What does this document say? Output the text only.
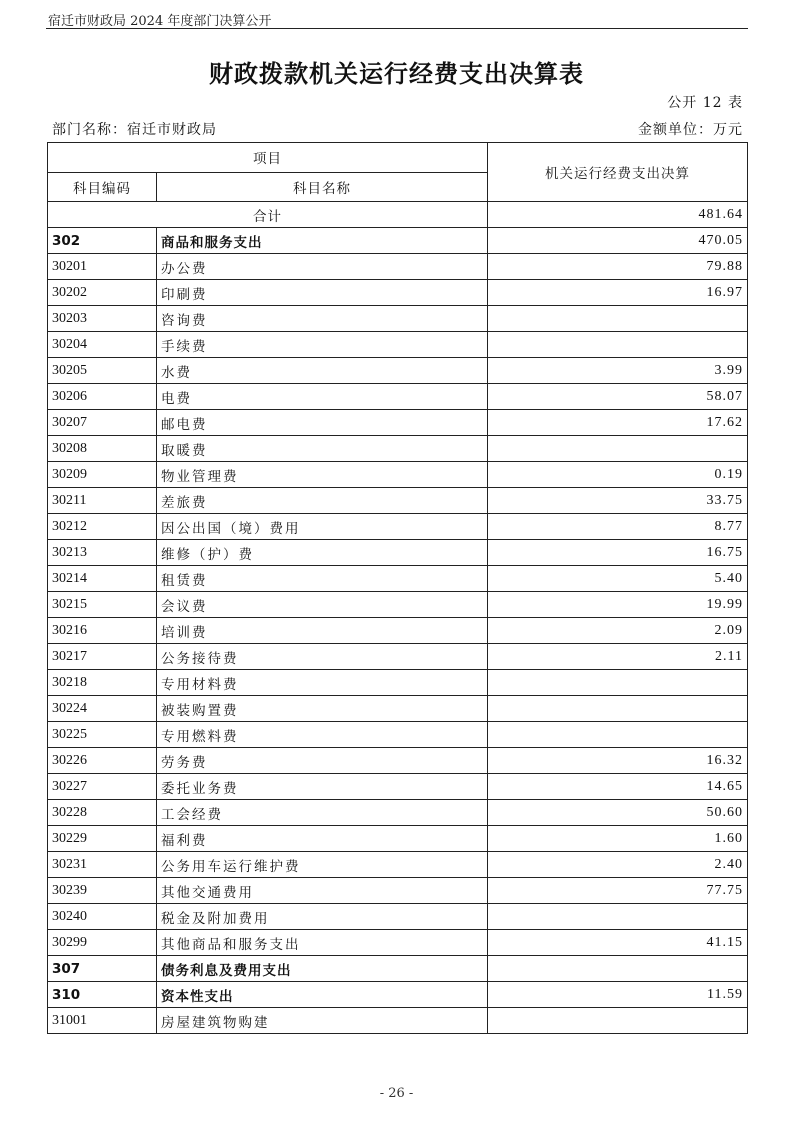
宿迁市财政局 2024 年度部门决算公开
财政拨款机关运行经费支出决算表
公开 12 表
部门名称：宿迁市财政局	金额单位：万元
项目		机关运行经费支出决算
科目编码	科目名称	
合计		481.64
302	商品和服务支出	470.05
30201	办公费	79.88
30202	印刷费	16.97
30203	咨询费	
30204	手续费	
30205	水费	3.99
30206	电费	58.07
30207	邮电费	17.62
30208	取暖费	
30209	物业管理费	0.19
30211	差旅费	33.75
30212	因公出国（境）费用	8.77
30213	维修（护）费	16.75
30214	租赁费	5.40
30215	会议费	19.99
30216	培训费	2.09
30217	公务接待费	2.11
30218	专用材料费	
30224	被装购置费	
30225	专用燃料费	
30226	劳务费	16.32
30227	委托业务费	14.65
30228	工会经费	50.60
30229	福利费	1.60
30231	公务用车运行维护费	2.40
30239	其他交通费用	77.75
30240	税金及附加费用	
30299	其他商品和服务支出	41.15
307	债务利息及费用支出	
310	资本性支出	11.59
31001	房屋建筑物购建	
- 26 -
